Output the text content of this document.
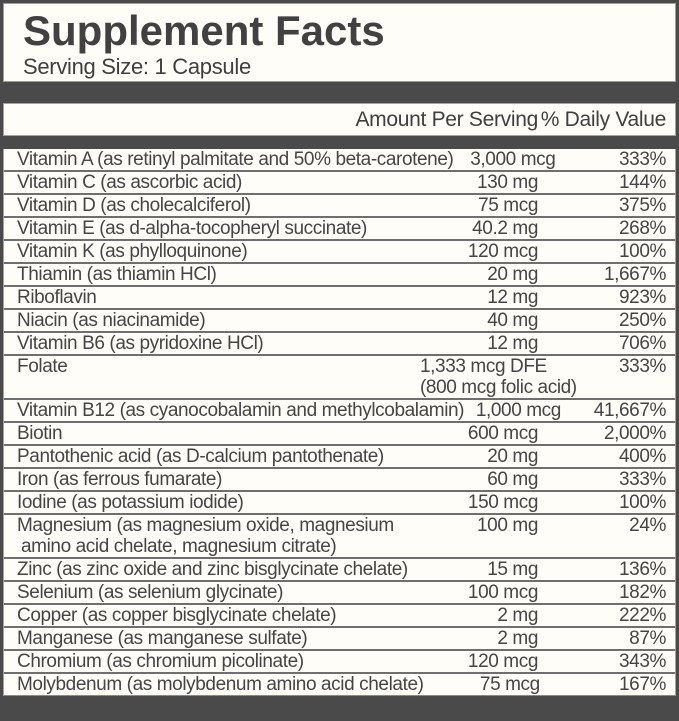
Supplement Facts
Serving Size: 1 Capsule
Amount Per Serving % Daily Value
Vitamin A (as retinyl palmitate and 50% beta-carotene) 3,000 mcg	333%
Vitamin C (as ascorbic acid)	130 mg	144%
Vitamin D (as cholecalciferol)	75 mcg	375%
Vitamin E (as d-alpha-tocopheryl succinate)	40.2 mg	268%
Vitamin K (as phylloquinone)	120 mcg	100%
Thiamin (as thiamin HCl)	20 mg	1,667%
Riboflavin	12 mg	923%
Niacin (as niacinamide)	40 mg	250%
Vitamin B6 (as pyridoxine HCl)	12 mg	706%
Folate	1,333 mcg DFE	333%
(800 mcg folic acid)
Vitamin B12 (as cyanocobalamin and methylcobalamin) 1,000 mcg	41,667%
Biotin	600 mcg	2,000%
Pantothenic acid (as D-calcium pantothenate)	20 mg	400%
Iron (as ferrous fumarate)	60 mg	333%
Iodine (as potassium iodide)	150 mcg	100%
Magnesium (as magnesium oxide, magnesium	100 mg	24%
amino acid chelate, magnesium citrate)
Zinc (as zinc oxide and zinc bisglycinate chelate)	15 mg	136%
Selenium (as selenium glycinate)	100 mcg	182%
Copper (as copper bisglycinate chelate)	2 mg	222%
Manganese (as manganese sulfate)	2 mg	87%
Chromium (as chromium picolinate)	120 mcg	343%
Molybdenum (as molybdenum amino acid chelate)	75 mcg	167%
